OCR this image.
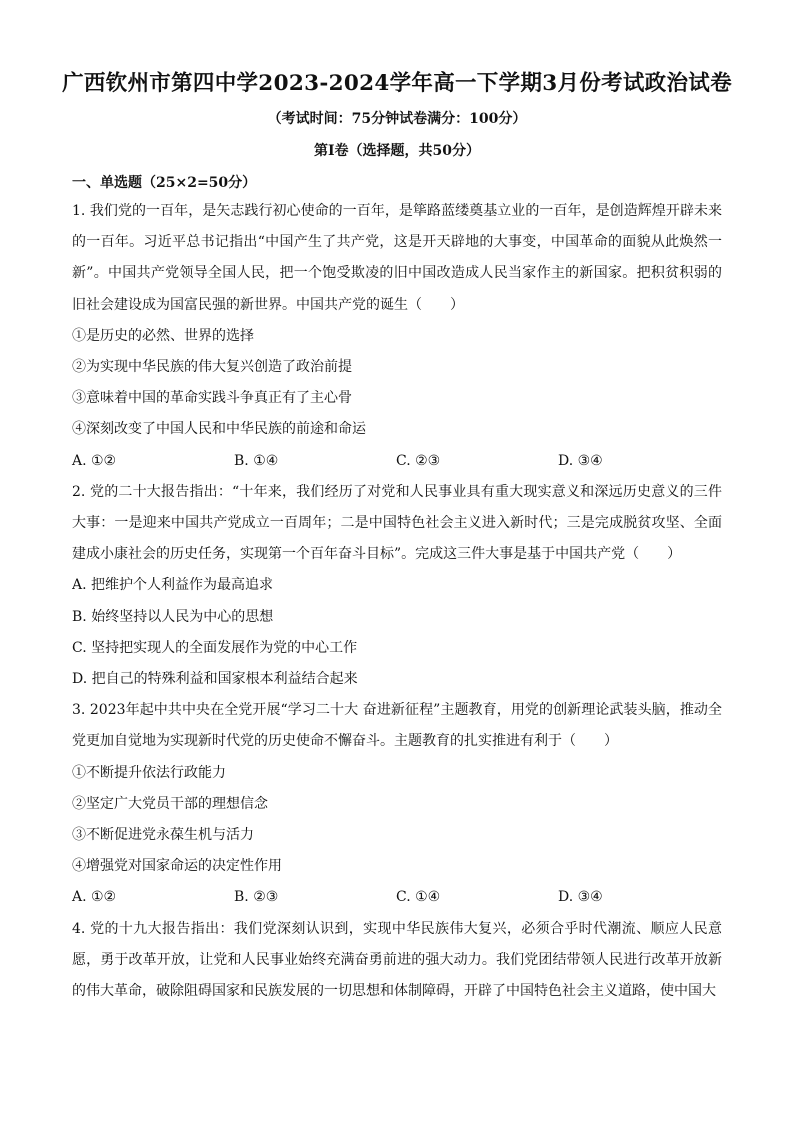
广西钦州市第四中学2023-2024学年高一下学期3月份考试政治试卷
（考试时间：75分钟试卷满分：100分）
第Ⅰ卷（选择题，共50分）
一、单选题（25×2=50分）

1. 我们党的一百年，是矢志践行初心使命的一百年，是筚路蓝缕奠基立业的一百年，是创造辉煌开辟未来的一百年。习近平总书记指出“中国产生了共产党，这是开天辟地的大事变，中国革命的面貌从此焕然一新”。中国共产党领导全国人民，把一个饱受欺凌的旧中国改造成人民当家作主的新国家。把积贫积弱的旧社会建设成为国富民强的新世界。中国共产党的诞生（　　）

①是历史的必然、世界的选择

②为实现中华民族的伟大复兴创造了政治前提

③意味着中国的革命实践斗争真正有了主心骨

④深刻改变了中国人民和中华民族的前途和命运

A. ①②	B. ①④	C. ②③	D. ③④

2. 党的二十大报告指出：“十年来，我们经历了对党和人民事业具有重大现实意义和深远历史意义的三件大事：一是迎来中国共产党成立一百周年；二是中国特色社会主义进入新时代；三是完成脱贫攻坚、全面建成小康社会的历史任务，实现第一个百年奋斗目标”。完成这三件大事是基于中国共产党（　　）

A. 把维护个人利益作为最高追求

B. 始终坚持以人民为中心的思想

C. 坚持把实现人的全面发展作为党的中心工作

D. 把自己的特殊利益和国家根本利益结合起来

3. 2023年起中共中央在全党开展“学习二十大 奋进新征程”主题教育，用党的创新理论武装头脑，推动全党更加自觉地为实现新时代党的历史使命不懈奋斗。主题教育的扎实推进有利于（　　）

①不断提升依法行政能力

②坚定广大党员干部的理想信念

③不断促进党永葆生机与活力

④增强党对国家命运的决定性作用

A. ①②	B. ②③	C. ①④	D. ③④

4. 党的十九大报告指出：我们党深刻认识到，实现中华民族伟大复兴，必须合乎时代潮流、顺应人民意愿，勇于改革开放，让党和人民事业始终充满奋勇前进的强大动力。我们党团结带领人民进行改革开放新的伟大革命，破除阻碍国家和民族发展的一切思想和体制障碍，开辟了中国特色社会主义道路，使中国大
